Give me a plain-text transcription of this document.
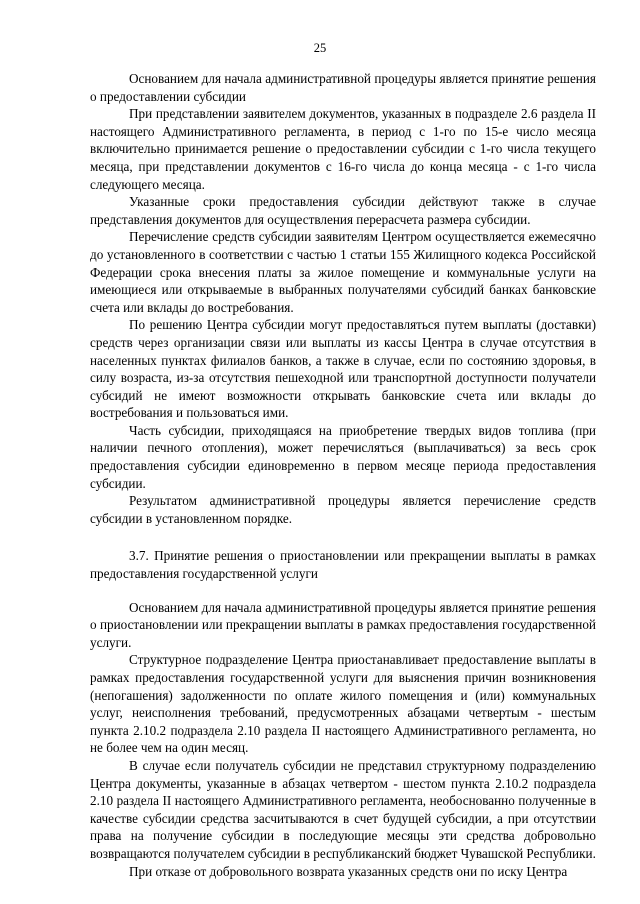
25

Основанием для начала административной процедуры является принятие решения о предоставлении субсидии

При представлении заявителем документов, указанных в подразделе 2.6 раздела II настоящего Административного регламента, в период с 1-го по 15-е число месяца включительно принимается решение о предоставлении субсидии с 1-го числа текущего месяца, при представлении документов с 16-го числа до конца месяца - с 1-го числа следующего месяца.

Указанные сроки предоставления субсидии действуют также в случае представления документов для осуществления перерасчета размера субсидии.

Перечисление средств субсидии заявителям Центром осуществляется ежемесячно до установленного в соответствии с частью 1 статьи 155 Жилищного кодекса Российской Федерации срока внесения платы за жилое помещение и коммунальные услуги на имеющиеся или открываемые в выбранных получателями субсидий банках банковские счета или вклады до востребования.

По решению Центра субсидии могут предоставляться путем выплаты (доставки) средств через организации связи или выплаты из кассы Центра в случае отсутствия в населенных пунктах филиалов банков, а также в случае, если по состоянию здоровья, в силу возраста, из-за отсутствия пешеходной или транспортной доступности получатели субсидий не имеют возможности открывать банковские счета или вклады до востребования и пользоваться ими.

Часть субсидии, приходящаяся на приобретение твердых видов топлива (при наличии печного отопления), может перечисляться (выплачиваться) за весь срок предоставления субсидии единовременно в первом месяце периода предоставления субсидии.

Результатом административной процедуры является перечисление средств субсидии в установленном порядке.

3.7. Принятие решения о приостановлении или прекращении выплаты в рамках предоставления государственной услуги

Основанием для начала административной процедуры является принятие решения о приостановлении или прекращении выплаты в рамках предоставления государственной услуги.

Структурное подразделение Центра приостанавливает предоставление выплаты в рамках предоставления государственной услуги для выяснения причин возникновения (непогашения) задолженности по оплате жилого помещения и (или) коммунальных услуг, неисполнения требований, предусмотренных абзацами четвертым - шестым пункта 2.10.2 подраздела 2.10 раздела II настоящего Административного регламента, но не более чем на один месяц.

В случае если получатель субсидии не представил структурному подразделению Центра документы, указанные в абзацах четвертом - шестом пункта 2.10.2 подраздела 2.10 раздела II настоящего Административного регламента, необоснованно полученные в качестве субсидии средства засчитываются в счет будущей субсидии, а при отсутствии права на получение субсидии в последующие месяцы эти средства добровольно возвращаются получателем субсидии в республиканский бюджет Чувашской Республики.

При отказе от добровольного возврата указанных средств они по иску Центра
